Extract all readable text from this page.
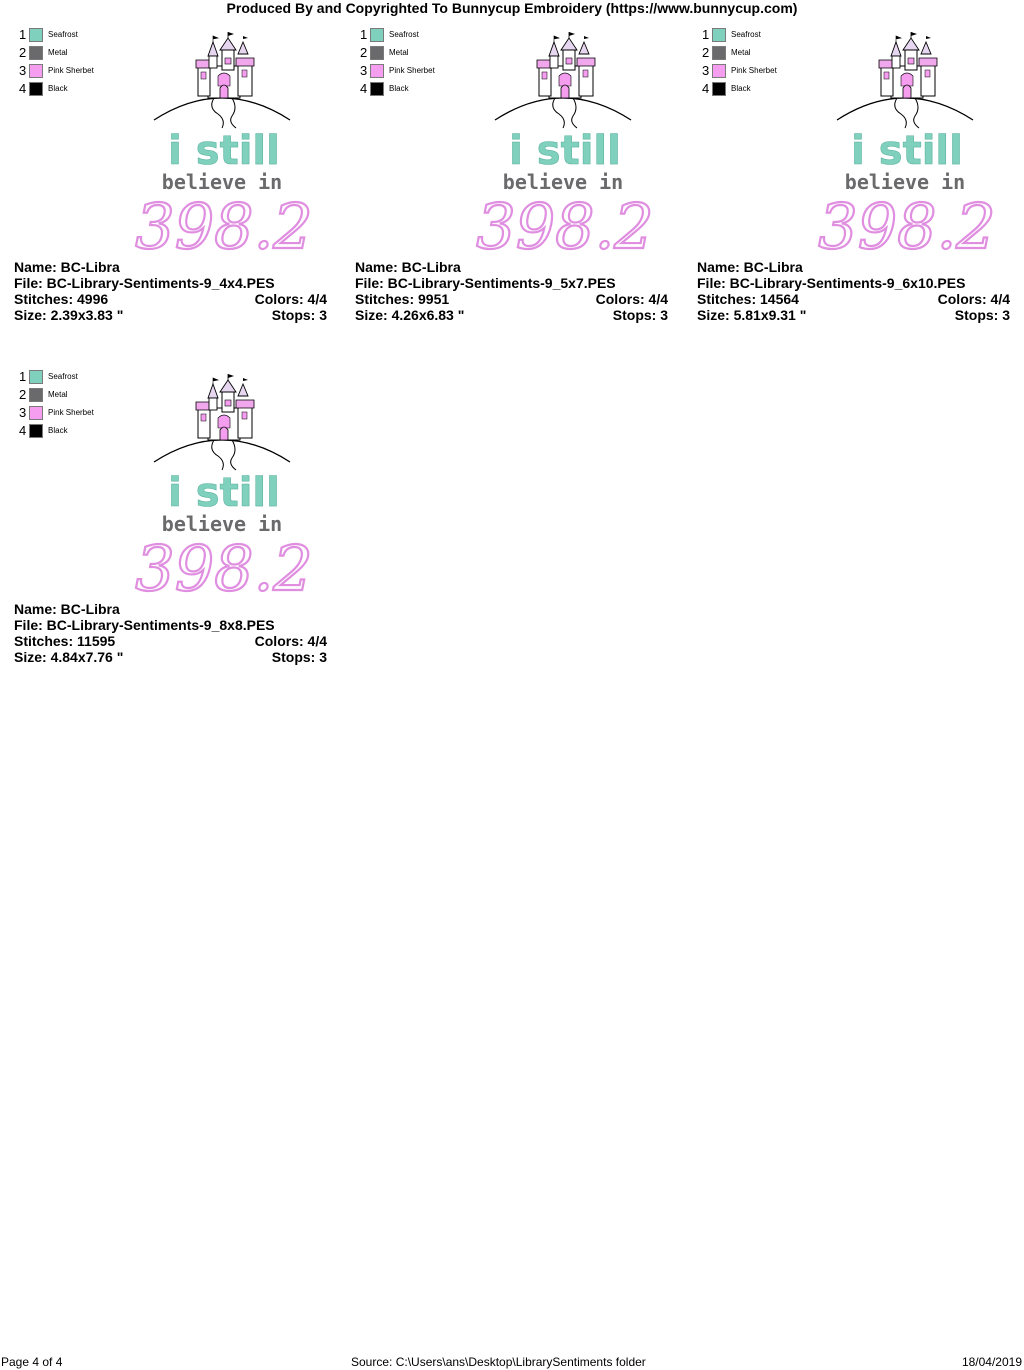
Produced By and Copyrighted To Bunnycup Embroidery (https://www.bunnycup.com)
1	Seafrost
2	Metal
3	Pink Sherbet
4	Black
i still
believe in
398.2
Name: BC-Libra
File: BC-Library-Sentiments-9_4x4.PES
Stitches: 4996	Colors: 4/4
Size: 2.39x3.83 "	Stops: 3
1	Seafrost
2	Metal
3	Pink Sherbet
4	Black
i still
believe in
398.2
Name: BC-Libra
File: BC-Library-Sentiments-9_5x7.PES
Stitches: 9951	Colors: 4/4
Size: 4.26x6.83 "	Stops: 3
1	Seafrost
2	Metal
3	Pink Sherbet
4	Black
i still
believe in
398.2
Name: BC-Libra
File: BC-Library-Sentiments-9_6x10.PES
Stitches: 14564	Colors: 4/4
Size: 5.81x9.31 "	Stops: 3
1	Seafrost
2	Metal
3	Pink Sherbet
4	Black
i still
believe in
398.2
Name: BC-Libra
File: BC-Library-Sentiments-9_8x8.PES
Stitches: 11595	Colors: 4/4
Size: 4.84x7.76 "	Stops: 3
Page 4 of 4	Source: C:\Users\ans\Desktop\LibrarySentiments folder	18/04/2019
